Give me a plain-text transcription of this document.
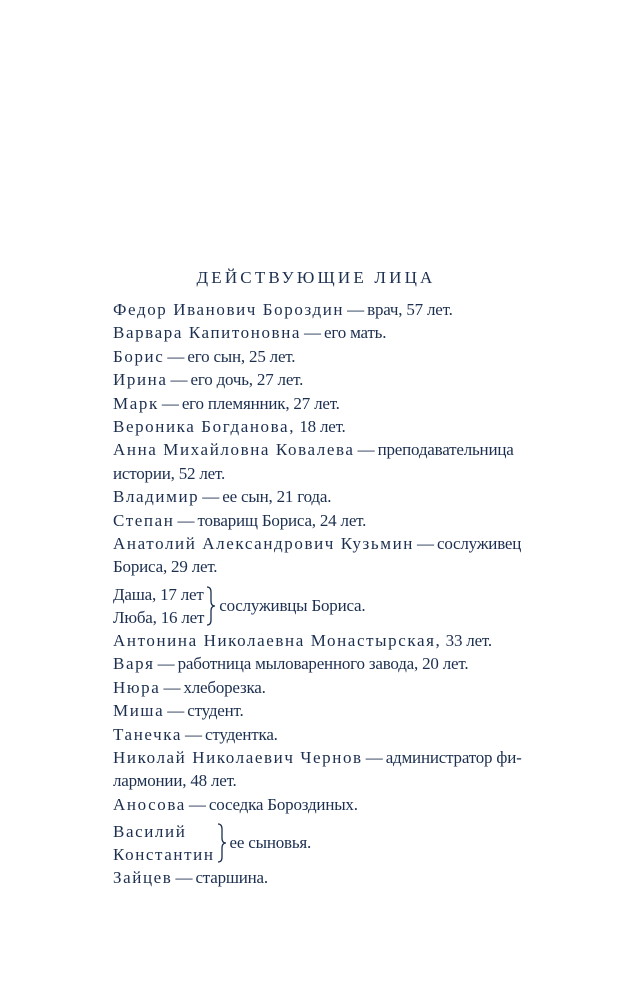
ДЕЙСТВУЮЩИЕ ЛИЦА

Федор Иванович Бороздин — врач, 57 лет.

Варвара Капитоновна — его мать.

Борис — его сын, 25 лет.

Ирина — его дочь, 27 лет.

Марк — его племянник, 27 лет.

Вероника Богданова, 18 лет.

Анна Михайловна Ковалева — преподавательница
истории, 52 лет.

Владимир — ее сын, 21 года.

Степан — товарищ Бориса, 24 лет.

Анатолий Александрович Кузьмин — сослуживец
Бориса, 29 лет.

Даша, 17 лет
Люба, 16 лет
сослуживцы Бориса.

Антонина Николаевна Монастырская, 33 лет.

Варя — работница мыловаренного завода, 20 лет.

Нюра — хлеборезка.

Миша — студент.

Танечка — студентка.

Николай Николаевич Чернов — администратор фи-
лармонии, 48 лет.

Аносова — соседка Бороздиных.

Василий
Константин
ее сыновья.

Зайцев — старшина.
